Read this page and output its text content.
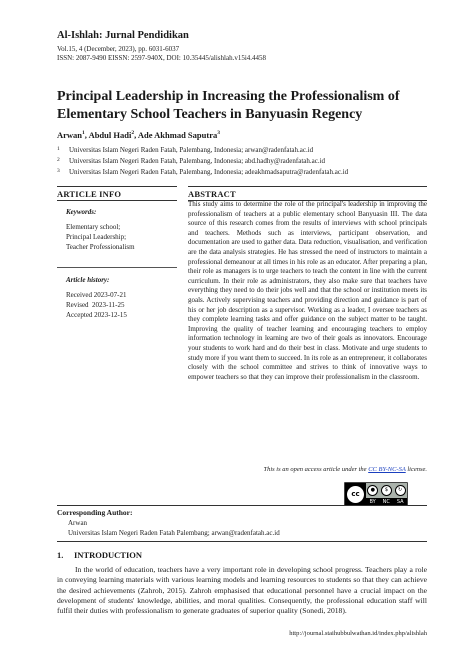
Al-Ishlah: Jurnal Pendidikan
Vol.15, 4 (December, 2023), pp. 6031-6037
ISSN: 2087-9490 EISSN: 2597-940X, DOI: 10.35445/alishlah.v15i4.4458
Principal Leadership in Increasing the Professionalism of Elementary School Teachers in Banyuasin Regency
Arwan$^1$, Abdul Hadi$^2$, Ade Akhmad Saputra$^3$
1 Universitas Islam Negeri Raden Fatah, Palembang, Indonesia; arwan@radenfatah.ac.id
2 Universitas Islam Negeri Raden Fatah, Palembang, Indonesia; abd.hadhy@radenfatah.ac.id
3 Universitas Islam Negeri Raden Fatah, Palembang, Indonesia; adeakhmadsaputra@radenfatah.ac.id
ARTICLE INFO	ABSTRACT
Keywords:
Elementary school;
Principal Leadership;
Teacher Professionalism
Article history:
Received 2023-07-21
Revised  2023-11-25
Accepted 2023-12-15
This study aims to determine the role of the principal's leadership in improving the professionalism of teachers at a public elementary school Banyuasin III. The data source of this research comes from the results of interviews with school principals and teachers. Methods such as interviews, participant observation, and documentation are used to gather data. Data reduction, visualisation, and verification are the data analysis strategies. He has stressed the need of instructors to maintain a professional demeanour at all times in his role as an educator. After preparing a plan, their role as managers is to urge teachers to teach the content in line with the current curriculum. In their role as administrators, they also make sure that teachers have everything they need to do their jobs well and that the school or institution meets its goals. Actively supervising teachers and providing direction and guidance is part of his or her job description as a supervisor. Working as a leader, I oversee teachers as they complete learning tasks and offer guidance on the subject matter to be taught. Improving the quality of teacher learning and encouraging teachers to employ information technology in learning are two of their goals as innovators. Encourage your students to work hard and do their best in class. Motivate and urge students to study more if you want them to succeed. In its role as an entrepreneur, it collaborates closely with the school committee and strives to think of innovative ways to empower teachers so that they can improve their professionalism in the classroom.
This is an open access article under the CC BY-NC-SA license.
cc	●	$	↻
BY NC SA
Corresponding Author:
Arwan
Universitas Islam Negeri Raden Fatah Palembang; arwan@radenfatah.ac.id
1.     INTRODUCTION
In the world of education, teachers have a very important role in developing school progress. Teachers play a role in conveying learning materials with various learning models and learning resources to students so that they can achieve the desired achievements (Zahroh, 2015). Zahroh emphasised that educational personnel have a crucial impact on the development of students' knowledge, abilities, and moral qualities. Consequently, the professional education staff will fulfil their duties with professionalism to generate graduates of superior quality (Sonedi, 2018).
http://journal.staihubbulwathan.id/index.php/alishlah
